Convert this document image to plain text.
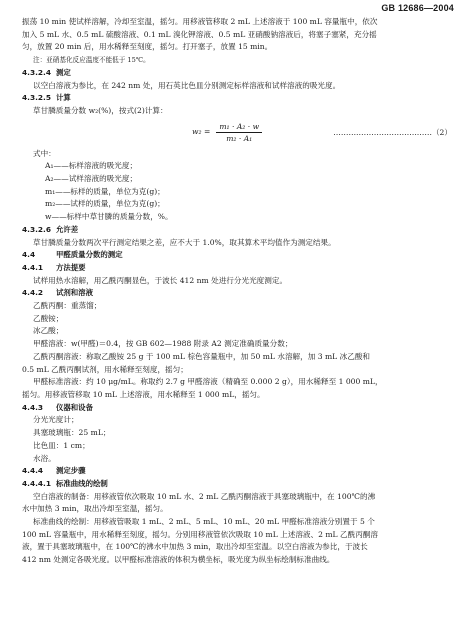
GB 12686—2004
振荡 10 min 使试样溶解，冷却至室温，摇匀。用移液管移取 2 mL 上述溶液于 100 mL 容量瓶中，依次
加入 5 mL 水、0.5 mL 硫酸溶液、0.1 mL 溴化钾溶液、0.5 mL 亚硝酸钠溶液后，将塞子塞紧，充分摇
匀，放置 20 min 后，用水稀释至刻度，摇匀。打开塞子，放置 15 min。
注：亚硝基化反应温度不能低于 15℃。
4.3.2.4 测定
以空白溶液为参比，在 242 nm 处，用石英比色皿分别测定标样溶液和试样溶液的吸光度。
4.3.2.5 计算
草甘膦质量分数 w₂(%)，按式(2)计算：
$w_2 = \frac{\text{m₁ · A₂ · w}}{\text{m₂ · A₁}}$	…………………………………（2）
式中：
A₁——标样溶液的吸光度；
A₂——试样溶液的吸光度；
m₁——标样的质量，单位为克(g)；
m₂——试样的质量，单位为克(g)；
w——标样中草甘膦的质量分数，%。
4.3.2.6 允许差
草甘膦质量分数两次平行测定结果之差，应不大于 1.0%，取其算术平均值作为测定结果。
4.4	甲醛质量分数的测定
4.4.1 方法提要
试样用热水溶解，用乙酰丙酮显色，于波长 412 nm 处进行分光光度测定。
4.4.2 试剂和溶液
乙酰丙酮：重蒸馏；
乙酸铵；
冰乙酸；
甲醛溶液：w(甲醛)＝0.4，按 GB 602—1988 附录 A2 测定准确质量分数；
乙酰丙酮溶液：称取乙酸铵 25 g 于 100 mL 棕色容量瓶中，加 50 mL 水溶解，加 3 mL 冰乙酸和
0.5 mL 乙酰丙酮试剂，用水稀释至刻度，摇匀；
甲醛标准溶液：约 10 μg/mL。称取约 2.7 g 甲醛溶液（精确至 0.000 2 g），用水稀释至 1 000 mL，
摇匀。用移液管移取 10 mL 上述溶液，用水稀释至 1 000 mL，摇匀。
4.4.3 仪器和设备
分光光度计；
具塞玻璃瓶：25 mL；
比色皿：1 cm；
水浴。
4.4.4 测定步骤
4.4.4.1 标准曲线的绘制
空白溶液的制备：用移液管依次吸取 10 mL 水、2 mL 乙酰丙酮溶液于具塞玻璃瓶中，在 100℃的沸
水中加热 3 min，取出冷却至室温，摇匀。
标准曲线的绘制：用移液管吸取 1 mL、2 mL、5 mL、10 mL、20 mL 甲醛标准溶液分别置于 5 个
100 mL 容量瓶中，用水稀释至刻度，摇匀。分别用移液管依次吸取 10 mL 上述溶液、2 mL 乙酰丙酮溶
液，置于具塞玻璃瓶中，在 100℃的沸水中加热 3 min，取出冷却至室温。以空白溶液为参比，于波长
412 nm 处测定各吸光度。以甲醛标准溶液的体积为横坐标，吸光度为纵坐标绘制标准曲线。
